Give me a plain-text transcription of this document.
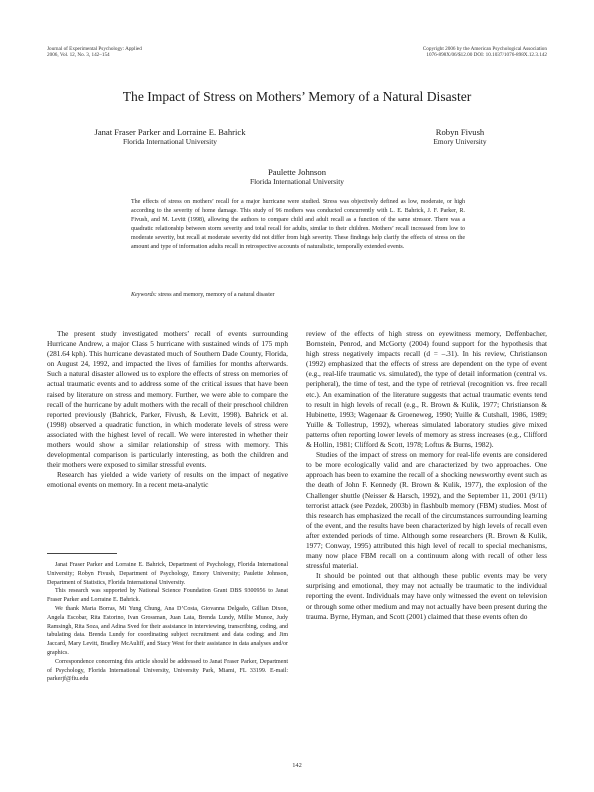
Journal of Experimental Psychology: Applied
2006, Vol. 12, No. 3, 142–154
Copyright 2006 by the American Psychological Association
1076-898X/06/$12.00 DOI: 10.1037/1076-898X.12.3.142
The Impact of Stress on Mothers’ Memory of a Natural Disaster
Janat Fraser Parker and Lorraine E. Bahrick
Florida International University
Robyn Fivush
Emory University
Paulette Johnson
Florida International University
The effects of stress on mothers’ recall for a major hurricane were studied. Stress was objectively defined as low, moderate, or high according to the severity of home damage. This study of 96 mothers was conducted concurrently with L. E. Bahrick, J. F. Parker, R. Fivush, and M. Levitt (1998), allowing the authors to compare child and adult recall as a function of the same stressor. There was a quadratic relationship between storm severity and total recall for adults, similar to their children. Mothers’ recall increased from low to moderate severity, but recall at moderate severity did not differ from high severity. These findings help clarify the effects of stress on the amount and type of information adults recall in retrospective accounts of naturalistic, temporally extended events.
Keywords: stress and memory, memory of a natural disaster

The present study investigated mothers’ recall of events surrounding Hurricane Andrew, a major Class 5 hurricane with sustained winds of 175 mph (281.64 kph). This hurricane devastated much of Southern Dade County, Florida, on August 24, 1992, and impacted the lives of families for months afterwards. Such a natural disaster allowed us to explore the effects of stress on memories of actual traumatic events and to address some of the critical issues that have been raised by literature on stress and memory. Further, we were able to compare the recall of the hurricane by adult mothers with the recall of their preschool children reported previously (Bahrick, Parker, Fivush, & Levitt, 1998). Bahrick et al. (1998) observed a quadratic function, in which moderate levels of stress were associated with the highest level of recall. We were interested in whether their mothers would show a similar relationship of stress with memory. This developmental comparison is particularly interesting, as both the children and their mothers were exposed to similar stressful events.

Research has yielded a wide variety of results on the impact of negative emotional events on memory. In a recent meta-analytic

Janat Fraser Parker and Lorraine E. Bahrick, Department of Psychology, Florida International University; Robyn Fivush, Department of Psychology, Emory University; Paulette Johnson, Department of Statistics, Florida International University.

This research was supported by National Science Foundation Grant DBS 9300956 to Janat Fraser Parker and Lorraine E. Bahrick.

We thank Maria Borras, Mi Yung Chung, Ana D’Costa, Giovanna Delgado, Gillian Dixon, Angela Escobar, Rita Estorino, Ivan Grossman, Juan Lata, Brenda Lundy, Millie Munoz, Judy Ramsingh, Rita Soza, and Adina Sved for their assistance in interviewing, transcribing, coding, and tabulating data. Brenda Lundy for coordinating subject recruitment and data coding; and Jim Jaccard, Mary Levitt, Bradley McAuliff, and Stacy West for their assistance in data analyses and/or graphics.

Correspondence concerning this article should be addressed to Janat Fraser Parker, Department of Psychology, Florida International University, University Park, Miami, FL 33199. E-mail: parkerjf@fiu.edu

review of the effects of high stress on eyewitness memory, Deffenbacher, Bornstein, Penrod, and McGorty (2004) found support for the hypothesis that high stress negatively impacts recall (d = –.31). In his review, Christianson (1992) emphasized that the effects of stress are dependent on the type of event (e.g., real-life traumatic vs. simulated), the type of detail information (central vs. peripheral), the time of test, and the type of retrieval (recognition vs. free recall etc.). An examination of the literature suggests that actual traumatic events tend to result in high levels of recall (e.g., R. Brown & Kulik, 1977; Christianson & Hubinette, 1993; Wagenaar & Groeneweg, 1990; Yuille & Cutshall, 1986, 1989; Yuille & Tollestrup, 1992), whereas simulated laboratory studies give mixed patterns often reporting lower levels of memory as stress increases (e.g., Clifford & Hollin, 1981; Clifford & Scott, 1978; Loftus & Burns, 1982).

Studies of the impact of stress on memory for real-life events are considered to be more ecologically valid and are characterized by two approaches. One approach has been to examine the recall of a shocking newsworthy event such as the death of John F. Kennedy (R. Brown & Kulik, 1977), the explosion of the Challenger shuttle (Neisser & Harsch, 1992), and the September 11, 2001 (9/11) terrorist attack (see Pezdek, 2003b) in flashbulb memory (FBM) studies. Most of this research has emphasized the recall of the circumstances surrounding learning of the event, and the results have been characterized by high levels of recall even after extended periods of time. Although some researchers (R. Brown & Kulik, 1977; Conway, 1995) attributed this high level of recall to special mechanisms, many now place FBM recall on a continuum along with recall of other less stressful material.

It should be pointed out that although these public events may be very surprising and emotional, they may not actually be traumatic to the individual reporting the event. Individuals may have only witnessed the event on television or through some other medium and may not actually have been present during the trauma. Byrne, Hyman, and Scott (2001) claimed that these events often do

142
